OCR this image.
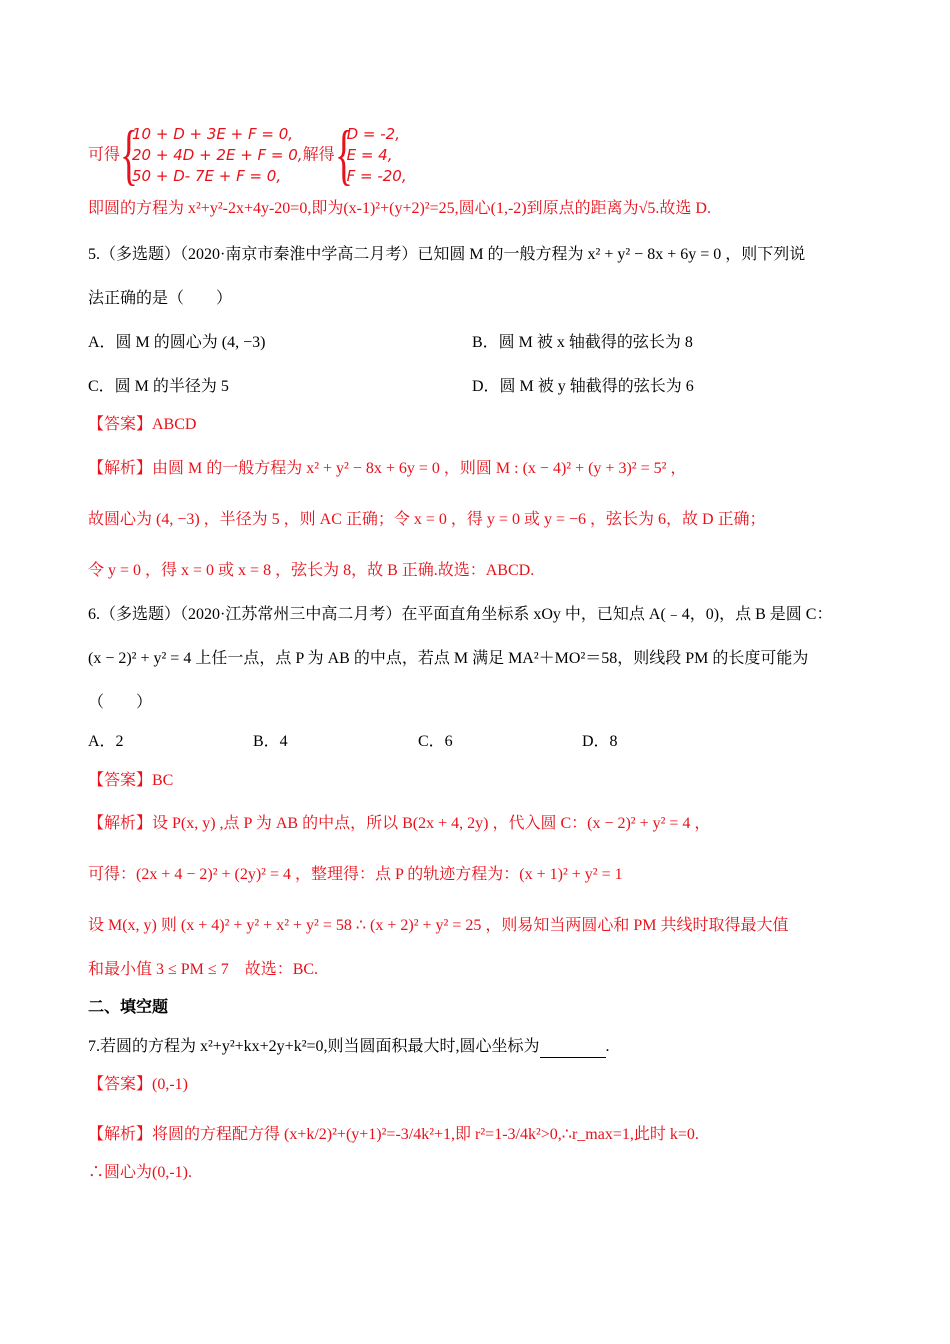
可得 {
10 + D + 3E + F = 0,
20 + 4D + 2E + F = 0,
50 + D- 7E + F = 0,
解得 {
D = -2,
E = 4,
F = -20,
即圆的方程为 x²+y²-2x+4y-20=0,即为(x-1)²+(y+2)²=25,圆心(1,-2)到原点的距离为√5.故选 D.
5.（多选题）（2020·南京市秦淮中学高二月考）已知圆 M 的一般方程为 x² + y² − 8x + 6y = 0 ，则下列说
法正确的是（　　）
A．圆 M 的圆心为 (4, −3)	B．圆 M 被 x 轴截得的弦长为 8
C．圆 M 的半径为 5	D．圆 M 被 y 轴截得的弦长为 6
【答案】ABCD
【解析】由圆 M 的一般方程为 x² + y² − 8x + 6y = 0 ，则圆 M : (x − 4)² + (y + 3)² = 5² ，
故圆心为 (4, −3) ，半径为 5 ，则 AC 正确；令 x = 0 ，得 y = 0 或 y = −6 ，弦长为 6，故 D 正确；
令 y = 0 ，得 x = 0 或 x = 8 ，弦长为 8，故 B 正确.故选：ABCD.
6.（多选题）（2020·江苏常州三中高二月考）在平面直角坐标系 xOy 中，已知点 A(﹣4，0)，点 B 是圆 C：
(x − 2)² + y² = 4 上任一点，点 P 为 AB 的中点，若点 M 满足 MA²＋MO²＝58，则线段 PM 的长度可能为
（　　）
A．2	B．4	C．6	D．8
【答案】BC
【解析】设 P(x, y) ,点 P 为 AB 的中点，所以 B(2x + 4, 2y) ，代入圆 C：(x − 2)² + y² = 4 ，
可得：(2x + 4 − 2)² + (2y)² = 4 ，整理得：点 P 的轨迹方程为：(x + 1)² + y² = 1
设 M(x, y) 则 (x + 4)² + y² + x² + y² = 58 ∴ (x + 2)² + y² = 25 ，则易知当两圆心和 PM 共线时取得最大值
和最小值 3 ≤ PM ≤ 7　故选：BC.
二、填空题
7.若圆的方程为 x²+y²+kx+2y+k²=0,则当圆面积最大时,圆心坐标为	.
【答案】(0,-1)
【解析】将圆的方程配方得 (x+k/2)²+(y+1)²=-3/4k²+1,即 r²=1-3/4k²>0,∴r_max=1,此时 k=0.
∴圆心为(0,-1).
